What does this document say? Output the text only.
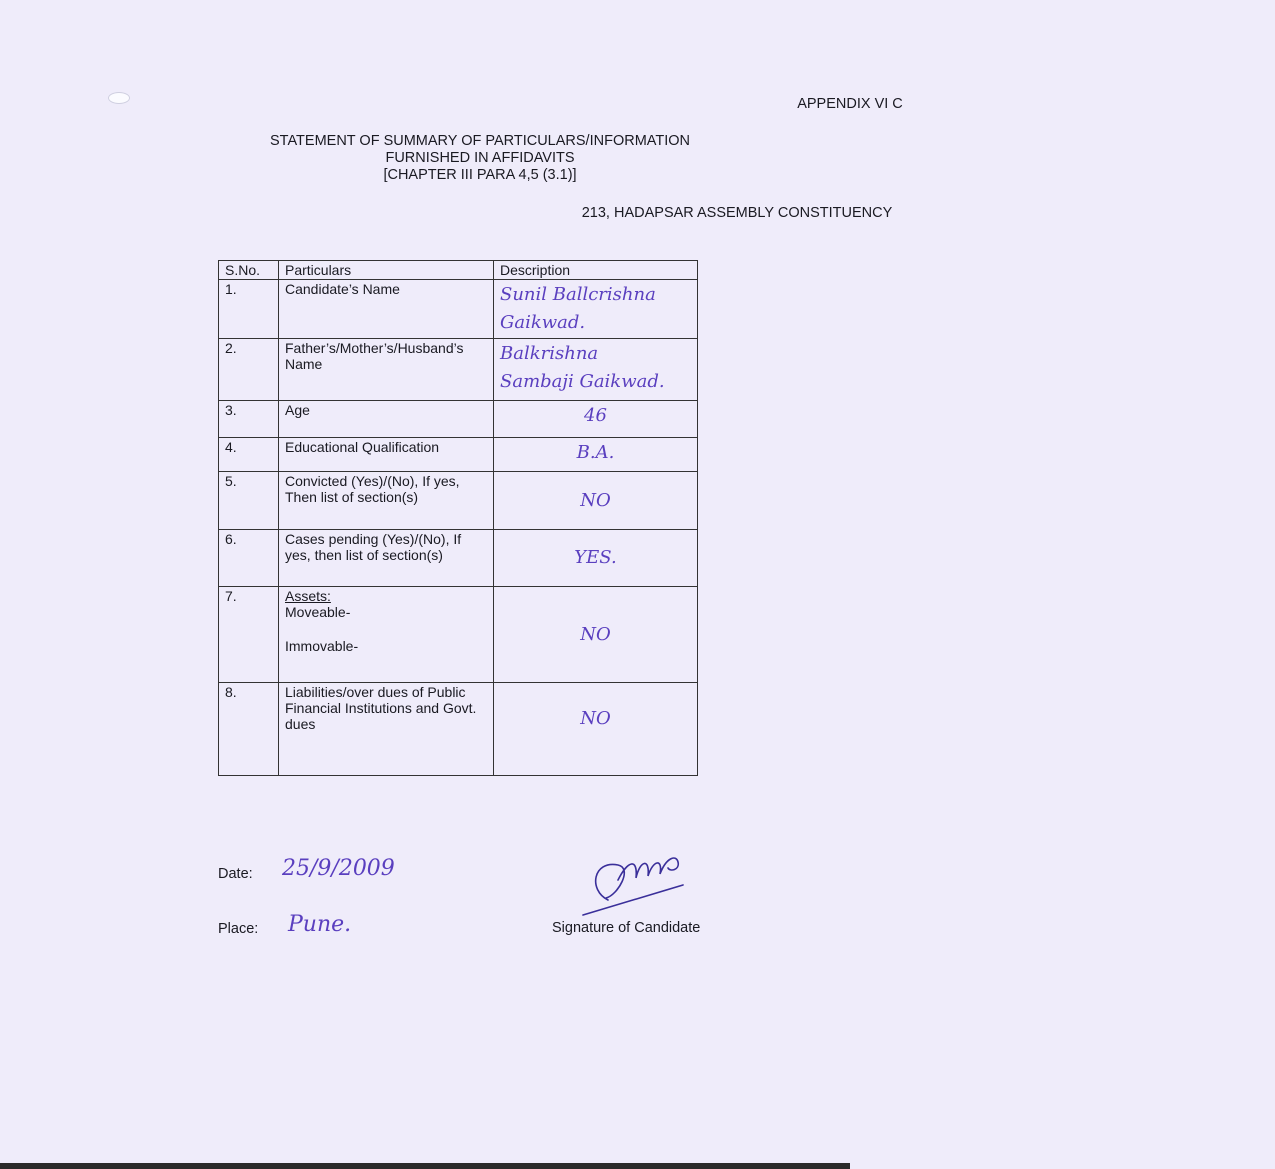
APPENDIX VI C
STATEMENT OF SUMMARY OF PARTICULARS/INFORMATION
FURNISHED IN AFFIDAVITS
[CHAPTER III PARA 4,5 (3.1)]
213, HADAPSAR ASSEMBLY CONSTITUENCY
S.No.	Particulars	Description
1.	Candidate’s Name	Sunil Ballcrishna
Gaikwad.

2.	Father’s/Mother’s/Husband’s Name	Balkrishna
Sambaji Gaikwad.

3.	Age	46
4.	Educational Qualification	B.A.
5.	Convicted (Yes)/(No), If yes, Then list of section(s)	NO
6.	Cases pending (Yes)/(No), If yes, then list of section(s)	YES.
7.	Assets:
Moveable-
Immovable-	NO
8.	Liabilities/over dues of Public Financial Institutions and Govt. dues	NO
Date: 25/9/2009
Place: Pune.	Signature of Candidate
